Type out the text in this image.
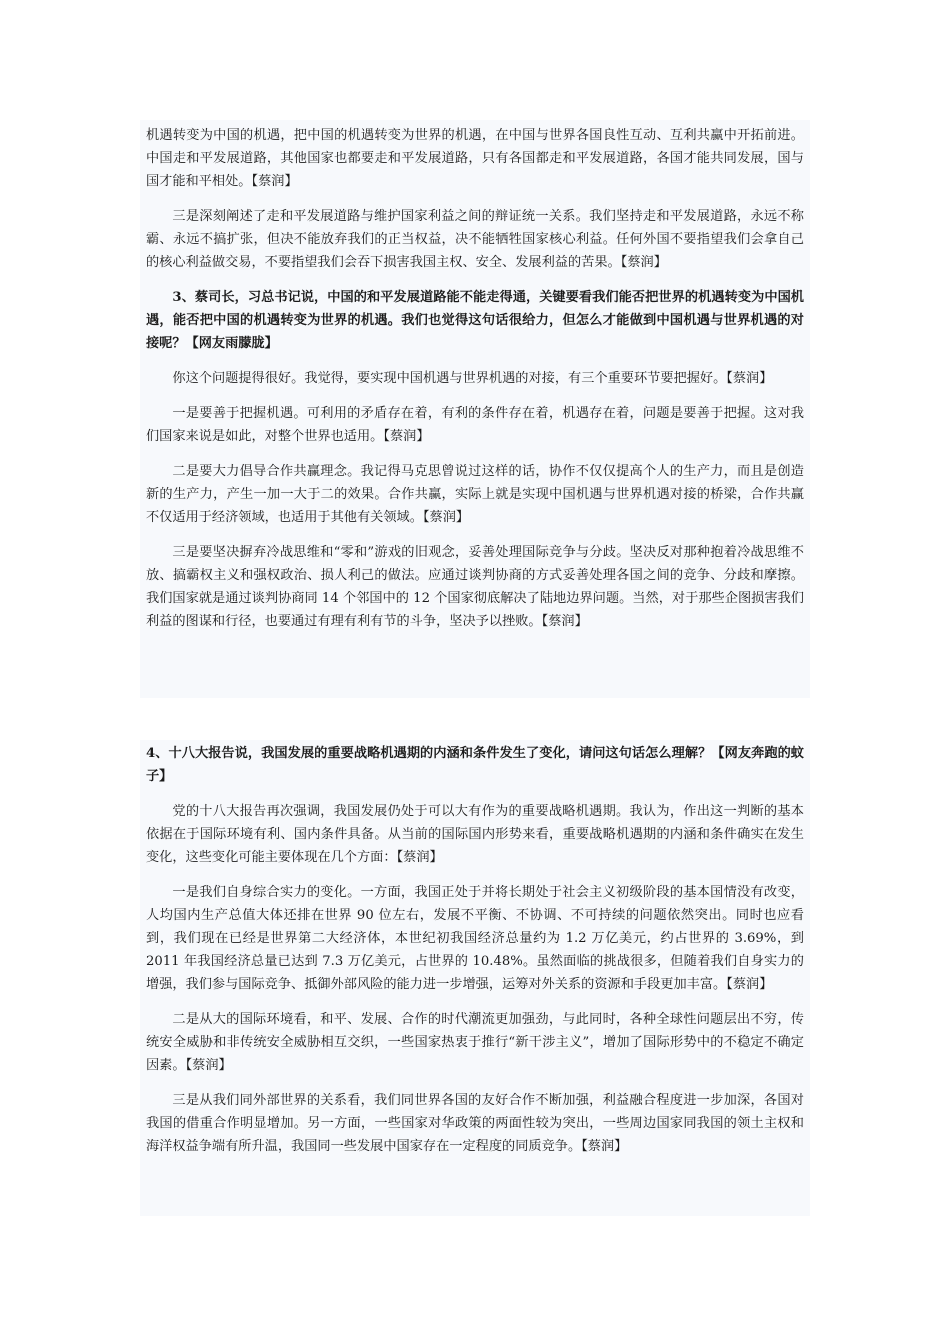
机遇转变为中国的机遇，把中国的机遇转变为世界的机遇，在中国与世界各国良性互动、互利共赢中开拓前进。中国走和平发展道路，其他国家也都要走和平发展道路，只有各国都走和平发展道路，各国才能共同发展，国与国才能和平相处。【蔡润】

三是深刻阐述了走和平发展道路与维护国家利益之间的辩证统一关系。我们坚持走和平发展道路，永远不称霸、永远不搞扩张，但决不能放弃我们的正当权益，决不能牺牲国家核心利益。任何外国不要指望我们会拿自己的核心利益做交易，不要指望我们会吞下损害我国主权、安全、发展利益的苦果。【蔡润】

3、蔡司长，习总书记说，中国的和平发展道路能不能走得通，关键要看我们能否把世界的机遇转变为中国机遇，能否把中国的机遇转变为世界的机遇。我们也觉得这句话很给力，但怎么才能做到中国机遇与世界机遇的对接呢？【网友雨朦胧】

你这个问题提得很好。我觉得，要实现中国机遇与世界机遇的对接，有三个重要环节要把握好。【蔡润】

一是要善于把握机遇。可利用的矛盾存在着，有利的条件存在着，机遇存在着，问题是要善于把握。这对我们国家来说是如此，对整个世界也适用。【蔡润】

二是要大力倡导合作共赢理念。我记得马克思曾说过这样的话，协作不仅仅提高个人的生产力，而且是创造新的生产力，产生一加一大于二的效果。合作共赢，实际上就是实现中国机遇与世界机遇对接的桥梁，合作共赢不仅适用于经济领域，也适用于其他有关领域。【蔡润】

三是要坚决摒弃冷战思维和“零和”游戏的旧观念，妥善处理国际竞争与分歧。坚决反对那种抱着冷战思维不放、搞霸权主义和强权政治、损人利己的做法。应通过谈判协商的方式妥善处理各国之间的竞争、分歧和摩擦。我们国家就是通过谈判协商同 14 个邻国中的 12 个国家彻底解决了陆地边界问题。当然，对于那些企图损害我们利益的图谋和行径，也要通过有理有利有节的斗争，坚决予以挫败。【蔡润】

4、十八大报告说，我国发展的重要战略机遇期的内涵和条件发生了变化，请问这句话怎么理解？【网友奔跑的蚊子】

党的十八大报告再次强调，我国发展仍处于可以大有作为的重要战略机遇期。我认为，作出这一判断的基本依据在于国际环境有利、国内条件具备。从当前的国际国内形势来看，重要战略机遇期的内涵和条件确实在发生变化，这些变化可能主要体现在几个方面：【蔡润】

一是我们自身综合实力的变化。一方面，我国正处于并将长期处于社会主义初级阶段的基本国情没有改变，人均国内生产总值大体还排在世界 90 位左右，发展不平衡、不协调、不可持续的问题依然突出。同时也应看到，我们现在已经是世界第二大经济体，本世纪初我国经济总量约为 1.2 万亿美元，约占世界的 3.69%，到 2011 年我国经济总量已达到 7.3 万亿美元，占世界的 10.48%。虽然面临的挑战很多，但随着我们自身实力的增强，我们参与国际竞争、抵御外部风险的能力进一步增强，运筹对外关系的资源和手段更加丰富。【蔡润】

二是从大的国际环境看，和平、发展、合作的时代潮流更加强劲，与此同时，各种全球性问题层出不穷，传统安全威胁和非传统安全威胁相互交织，一些国家热衷于推行“新干涉主义”，增加了国际形势中的不稳定不确定因素。【蔡润】

三是从我们同外部世界的关系看，我们同世界各国的友好合作不断加强，利益融合程度进一步加深，各国对我国的借重合作明显增加。另一方面，一些国家对华政策的两面性较为突出，一些周边国家同我国的领土主权和海洋权益争端有所升温，我国同一些发展中国家存在一定程度的同质竞争。【蔡润】
